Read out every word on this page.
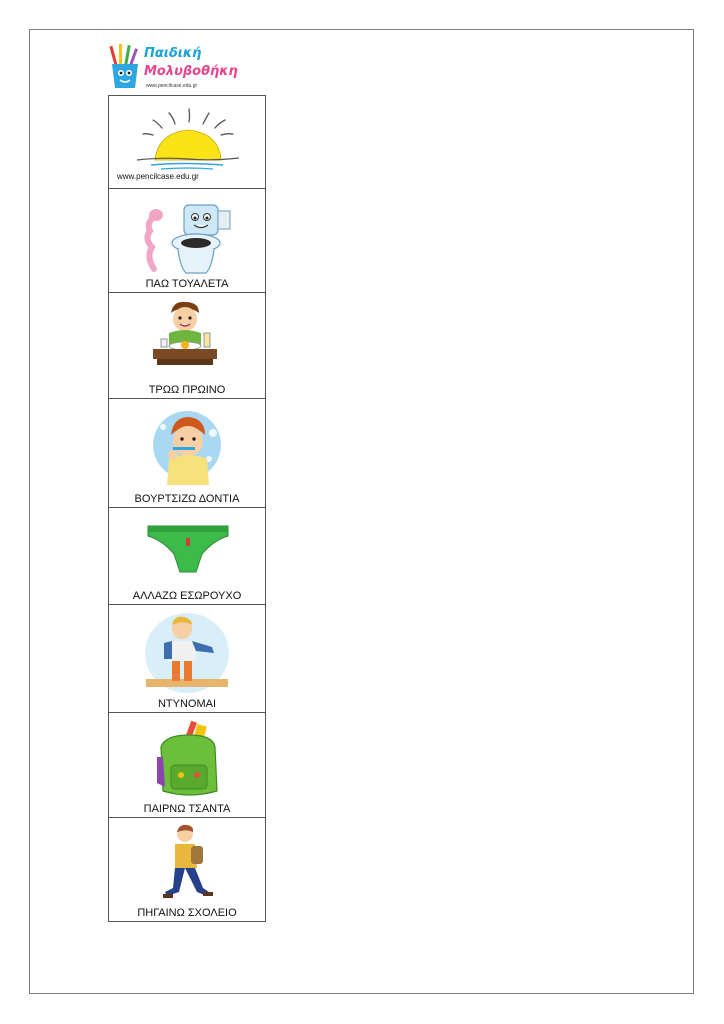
Παιδική
Μολυβοθήκη
www.pencilcase.edu.gr
www.pencilcase.edu.gr
ΠΑΩ ΤΟΥΑΛΕΤΑ
ΤΡΩΩ ΠΡΩΙΝΟ
ΒΟΥΡΤΣΙΖΩ ΔΟΝΤΙΑ
ΑΛΛΑΖΩ ΕΣΩΡΟΥΧΟ
ΝΤΥΝΟΜΑΙ
ΠΑΙΡΝΩ ΤΣΑΝΤΑ
ΠΗΓΑΙΝΩ ΣΧΟΛΕΙΟ
